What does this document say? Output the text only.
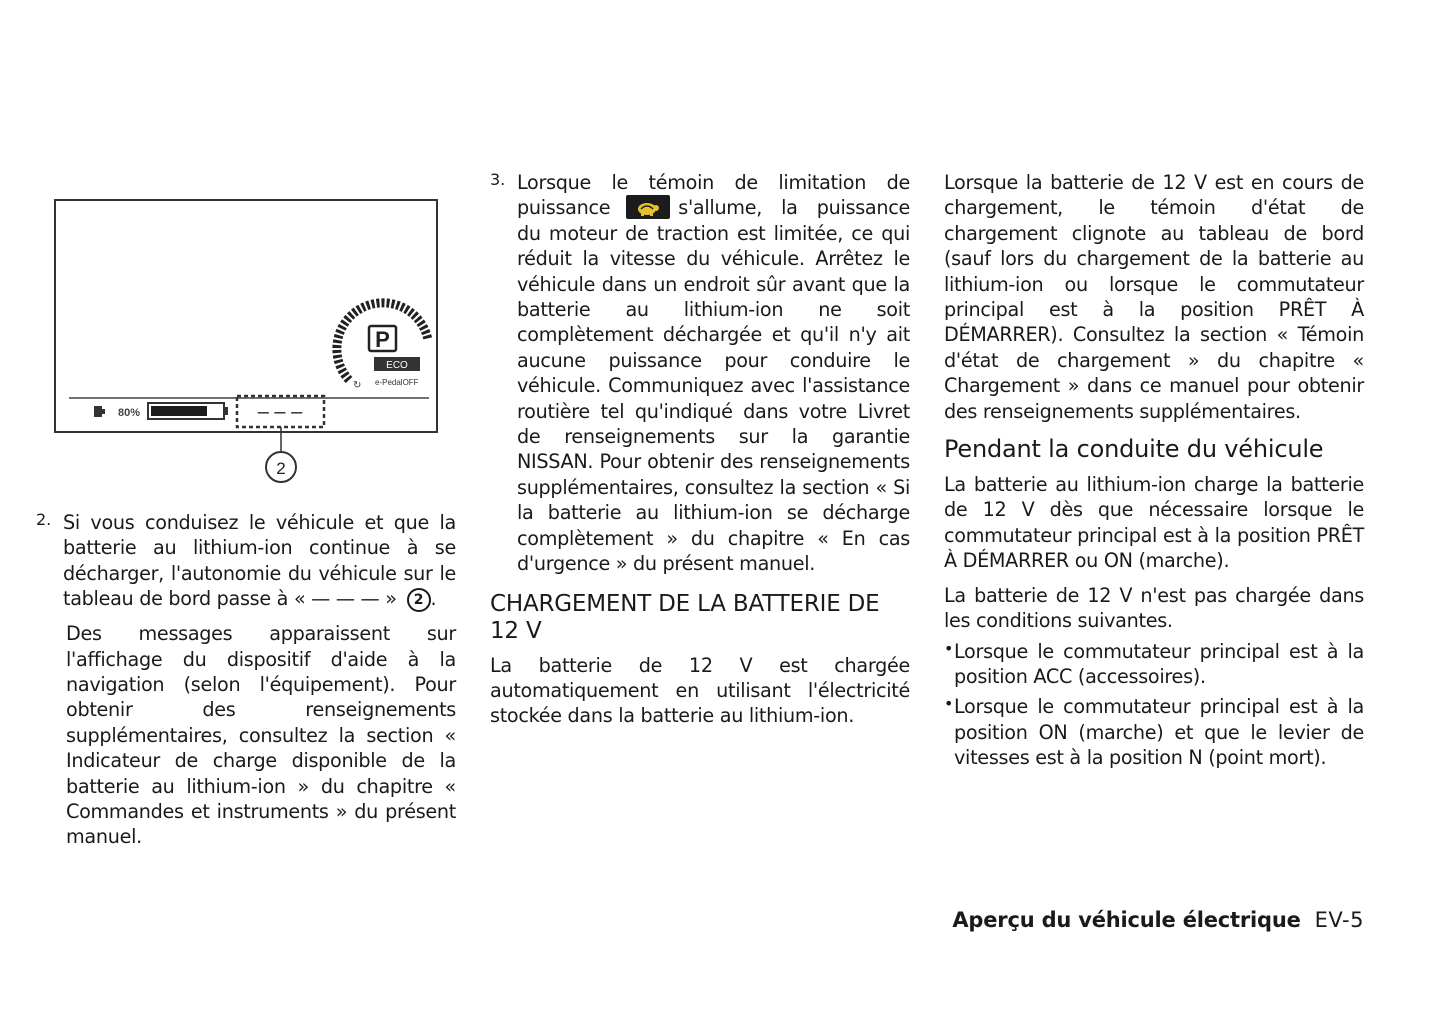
P
ECO
↻ e-PedalOFF
80%	– – –
2
2. Si vous conduisez le véhicule et que la batterie au lithium-ion continue à se décharger, l'autonomie du véhicule sur le tableau de bord passe à « — — — » 2 .

Des messages apparaissent sur l'affichage du dispositif d'aide à la navigation (selon l'équipement). Pour obtenir des renseignements supplémentaires, consultez la section « Indicateur de charge disponible de la batterie au lithium-ion » du chapitre « Commandes et instruments » du présent manuel.

3. Lorsque le témoin de limitation de puissance	s'allume, la puissance du moteur de traction est limitée, ce qui réduit la vitesse du véhicule. Arrêtez le véhicule dans un endroit sûr avant que la batterie au lithium-ion ne soit complètement déchargée et qu'il n'y ait aucune puissance pour conduire le véhicule. Communiquez avec l'assistance routière tel qu'indiqué dans votre Livret de renseignements sur la garantie NISSAN. Pour obtenir des renseignements supplémentaires, consultez la section « Si la batterie au lithium-ion se décharge complètement » du chapitre « En cas d'urgence » du présent manuel.

CHARGEMENT DE LA BATTERIE DE 12 V

La batterie de 12 V est chargée automatiquement en utilisant l'électricité stockée dans la batterie au lithium-ion.

Lorsque la batterie de 12 V est en cours de chargement, le témoin d'état de chargement clignote au tableau de bord (sauf lors du chargement de la batterie au lithium-ion ou lorsque le commutateur principal est à la position PRÊT À DÉMARRER). Consultez la section « Témoin d'état de chargement » du chapitre « Chargement » dans ce manuel pour obtenir des renseignements supplémentaires.

Pendant la conduite du véhicule

La batterie au lithium-ion charge la batterie de 12 V dès que nécessaire lorsque le commutateur principal est à la position PRÊT À DÉMARRER ou ON (marche).

La batterie de 12 V n'est pas chargée dans les conditions suivantes.

• Lorsque le commutateur principal est à la position ACC (accessoires).

• Lorsque le commutateur principal est à la position ON (marche) et que le levier de vitesses est à la position N (point mort).

Aperçu du véhicule électrique EV-5
